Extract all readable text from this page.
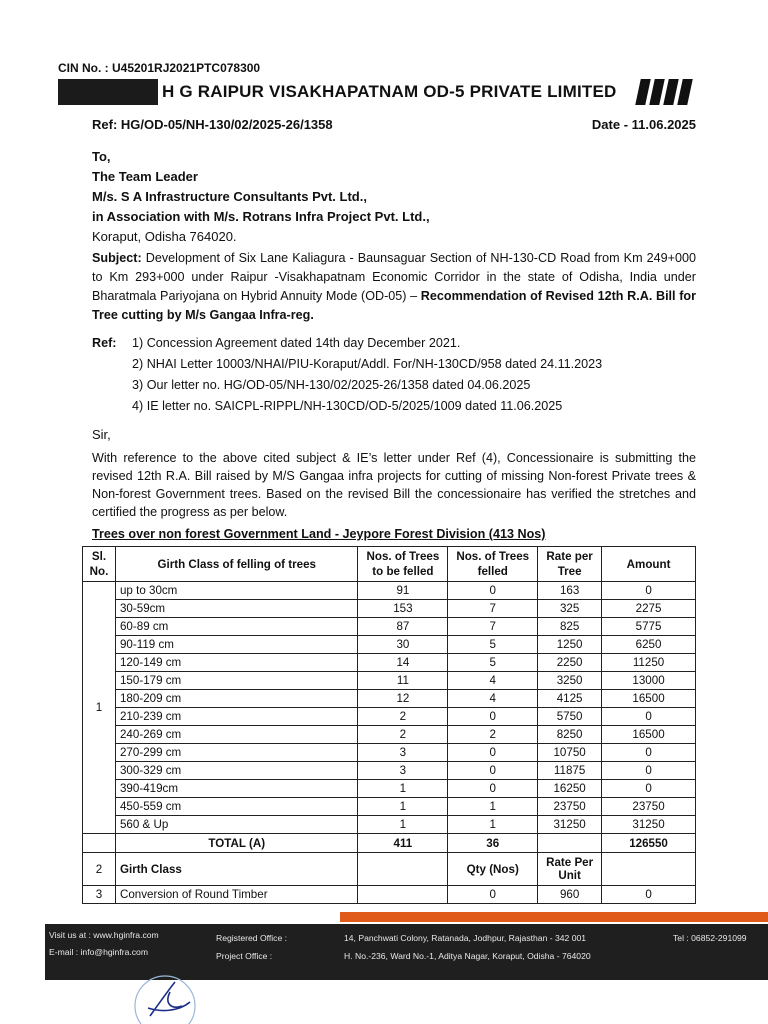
CIN No. : U45201RJ2021PTC078300
H G RAIPUR VISAKHAPATNAM OD-5 PRIVATE LIMITED
Ref: HG/OD-05/NH-130/02/2025-26/1358	Date - 11.06.2025
To,
The Team Leader
M/s. S A Infrastructure Consultants Pvt. Ltd.,
in Association with M/s. Rotrans Infra Project Pvt. Ltd.,
Koraput, Odisha 764020.
Subject: Development of Six Lane Kaliagura - Baunsaguar Section of NH-130-CD Road from Km 249+000 to Km 293+000 under Raipur -Visakhapatnam Economic Corridor in the state of Odisha, India under Bharatmala Pariyojana on Hybrid Annuity Mode (OD-05) – Recommendation of Revised 12th R.A. Bill for Tree cutting by M/s Gangaa Infra-reg.
Ref: 1) Concession Agreement dated 14th day December 2021.
2) NHAI Letter 10003/NHAI/PIU-Koraput/Addl. For/NH-130CD/958 dated 24.11.2023
3) Our letter no. HG/OD-05/NH-130/02/2025-26/1358 dated 04.06.2025
4) IE letter no. SAICPL-RIPPL/NH-130CD/OD-5/2025/1009 dated 11.06.2025
Sir,
With reference to the above cited subject & IE’s letter under Ref (4), Concessionaire is submitting the revised 12th R.A. Bill raised by M/S Gangaa infra projects for cutting of missing Non-forest Private trees & Non-forest Government trees. Based on the revised Bill the concessionaire has verified the stretches and certified the progress as per below.
Trees over non forest Government Land - Jeypore Forest Division (413 Nos)
Sl. No.	Girth Class of felling of trees	Nos. of Trees to be felled	Nos. of Trees felled	Rate per Tree	Amount
1	up to 30cm	91	0	163	0
	30-59cm	153	7	325	2275
	60-89 cm	87	7	825	5775
	90-119 cm	30	5	1250	6250
	120-149 cm	14	5	2250	11250
	150-179 cm	11	4	3250	13000
	180-209 cm	12	4	4125	16500
	210-239 cm	2	0	5750	0
	240-269 cm	2	2	8250	16500
	270-299 cm	3	0	10750	0
	300-329 cm	3	0	11875	0
	390-419cm	1	0	16250	0
	450-559 cm	1	1	23750	23750
	560 & Up	1	1	31250	31250
	TOTAL (A)	411	36		126550
2	Girth Class		Qty (Nos)	Rate Per Unit	
3	Conversion of Round Timber		0	960	0
Visit us at : www.hginfra.com
E-mail : info@hginfra.com
Registered Office :	14, Panchwati Colony, Ratanada, Jodhpur, Rajasthan - 342 001	Tel : 06852-291099
Project Office :	H. No.-236, Ward No.-1, Aditya Nagar, Koraput, Odisha - 764020
